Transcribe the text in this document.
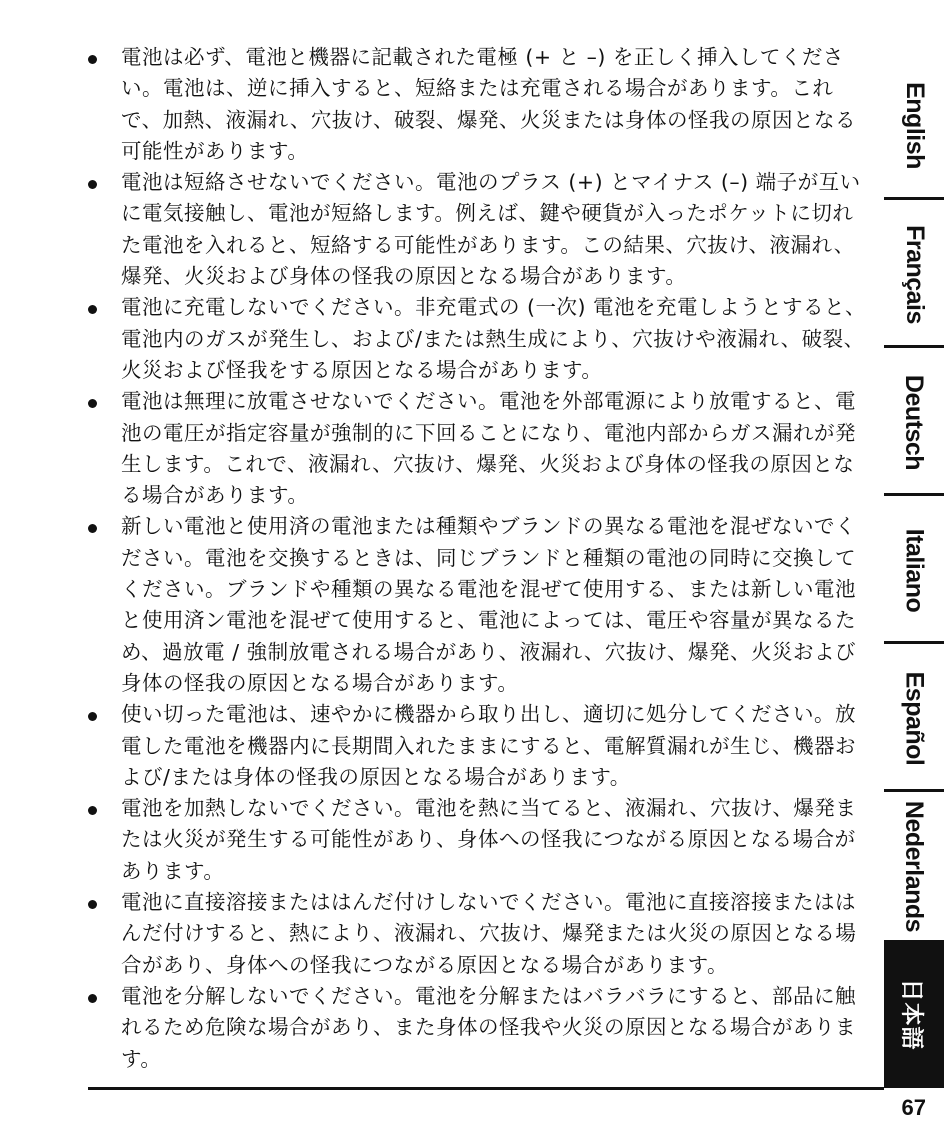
電池は必ず、電池と機器に記載された電極 (+ と –) を正しく挿入してください。電池は、逆に挿入すると、短絡または充電される場合があります。これで、加熱、液漏れ、穴抜け、破裂、爆発、火災または身体の怪我の原因となる可能性があります。
電池は短絡させないでください。電池のプラス (+) とマイナス (–) 端子が互いに電気接触し、電池が短絡します。例えば、鍵や硬貨が入ったポケットに切れた電池を入れると、短絡する可能性があります。この結果、穴抜け、液漏れ、爆発、火災および身体の怪我の原因となる場合があります。
電池に充電しないでください。非充電式の (一次) 電池を充電しようとすると、電池内のガスが発生し、および/または熱生成により、穴抜けや液漏れ、破裂、火災および怪我をする原因となる場合があります。
電池は無理に放電させないでください。電池を外部電源により放電すると、電池の電圧が指定容量が強制的に下回ることになり、電池内部からガス漏れが発生します。これで、液漏れ、穴抜け、爆発、火災および身体の怪我の原因となる場合があります。
新しい電池と使用済の電池または種類やブランドの異なる電池を混ぜないでください。電池を交換するときは、同じブランドと種類の電池の同時に交換してください。ブランドや種類の異なる電池を混ぜて使用する、または新しい電池と使用済ン電池を混ぜて使用すると、電池によっては、電圧や容量が異なるため、過放電 / 強制放電される場合があり、液漏れ、穴抜け、爆発、火災および身体の怪我の原因となる場合があります。
使い切った電池は、速やかに機器から取り出し、適切に処分してください。放電した電池を機器内に長期間入れたままにすると、電解質漏れが生じ、機器および/または身体の怪我の原因となる場合があります。
電池を加熱しないでください。電池を熱に当てると、液漏れ、穴抜け、爆発または火災が発生する可能性があり、身体への怪我につながる原因となる場合があります。
電池に直接溶接またははんだ付けしないでください。電池に直接溶接またははんだ付けすると、熱により、液漏れ、穴抜け、爆発または火災の原因となる場合があり、身体への怪我につながる原因となる場合があります。
電池を分解しないでください。電池を分解またはバラバラにすると、部品に触れるため危険な場合があり、また身体の怪我や火災の原因となる場合があります。
English
Français
Deutsch
Italiano
Español
Nederlands
日本語
67
